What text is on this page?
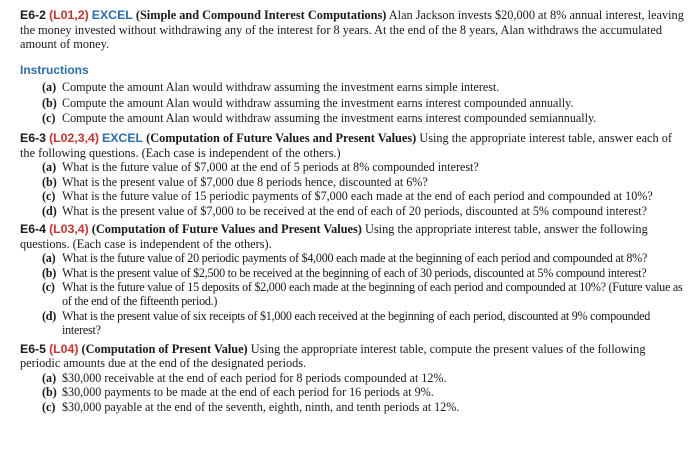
E6-2 (L01,2) EXCEL (Simple and Compound Interest Computations) Alan Jackson invests $20,000 at 8% annual interest, leaving the money invested without withdrawing any of the interest for 8 years. At the end of the 8 years, Alan withdraws the accumulated amount of money.

Instructions
(a) Compute the amount Alan would withdraw assuming the investment earns simple interest.
(b) Compute the amount Alan would withdraw assuming the investment earns interest compounded annually.
(c) Compute the amount Alan would withdraw assuming the investment earns interest compounded semiannually.

E6-3 (L02,3,4) EXCEL (Computation of Future Values and Present Values) Using the appropriate interest table, answer each of the following questions. (Each case is independent of the others.)

(a) What is the future value of $7,000 at the end of 5 periods at 8% compounded interest?
(b) What is the present value of $7,000 due 8 periods hence, discounted at 6%?
(c) What is the future value of 15 periodic payments of $7,000 each made at the end of each period and compounded at 10%?
(d) What is the present value of $7,000 to be received at the end of each of 20 periods, discounted at 5% compound interest?

E6-4 (L03,4) (Computation of Future Values and Present Values) Using the appropriate interest table, answer the following questions. (Each case is independent of the others).

(a) What is the future value of 20 periodic payments of $4,000 each made at the beginning of each period and compounded at 8%?
(b) What is the present value of $2,500 to be received at the beginning of each of 30 periods, discounted at 5% compound interest?
(c) What is the future value of 15 deposits of $2,000 each made at the beginning of each period and compounded at 10%? (Future value as of the end of the fifteenth period.)
(d) What is the present value of six receipts of $1,000 each received at the beginning of each period, discounted at 9% compounded interest?

E6-5 (L04) (Computation of Present Value) Using the appropriate interest table, compute the present values of the following periodic amounts due at the end of the designated periods.

(a) $30,000 receivable at the end of each period for 8 periods compounded at 12%.
(b) $30,000 payments to be made at the end of each period for 16 periods at 9%.
(c) $30,000 payable at the end of the seventh, eighth, ninth, and tenth periods at 12%.
